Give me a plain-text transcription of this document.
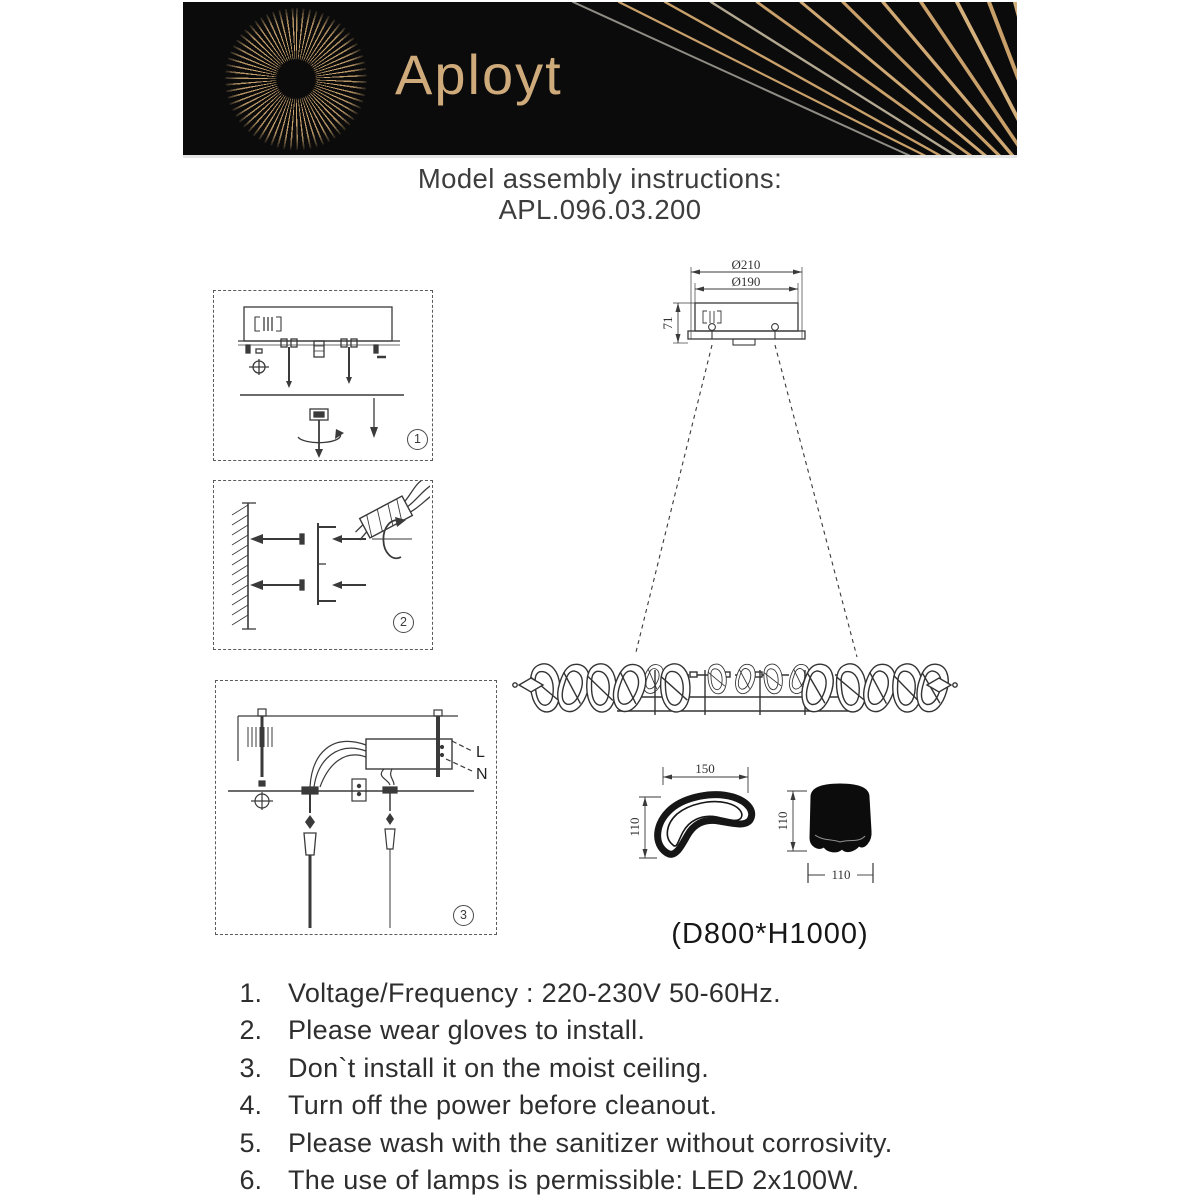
Aployt
Model assembly instructions:
APL.096.03.200
1
2
L
N
3
Ø210
Ø190
71
150
110	110
110
(D800*H1000)
1. Voltage/Frequency : 220-230V 50-60Hz.
2. Please wear gloves to install.
3. Don`t install it on the moist ceiling.
4. Turn off the power before cleanout.
5. Please wash with the sanitizer without corrosivity.
6. The use of lamps is permissible: LED 2x100W.
